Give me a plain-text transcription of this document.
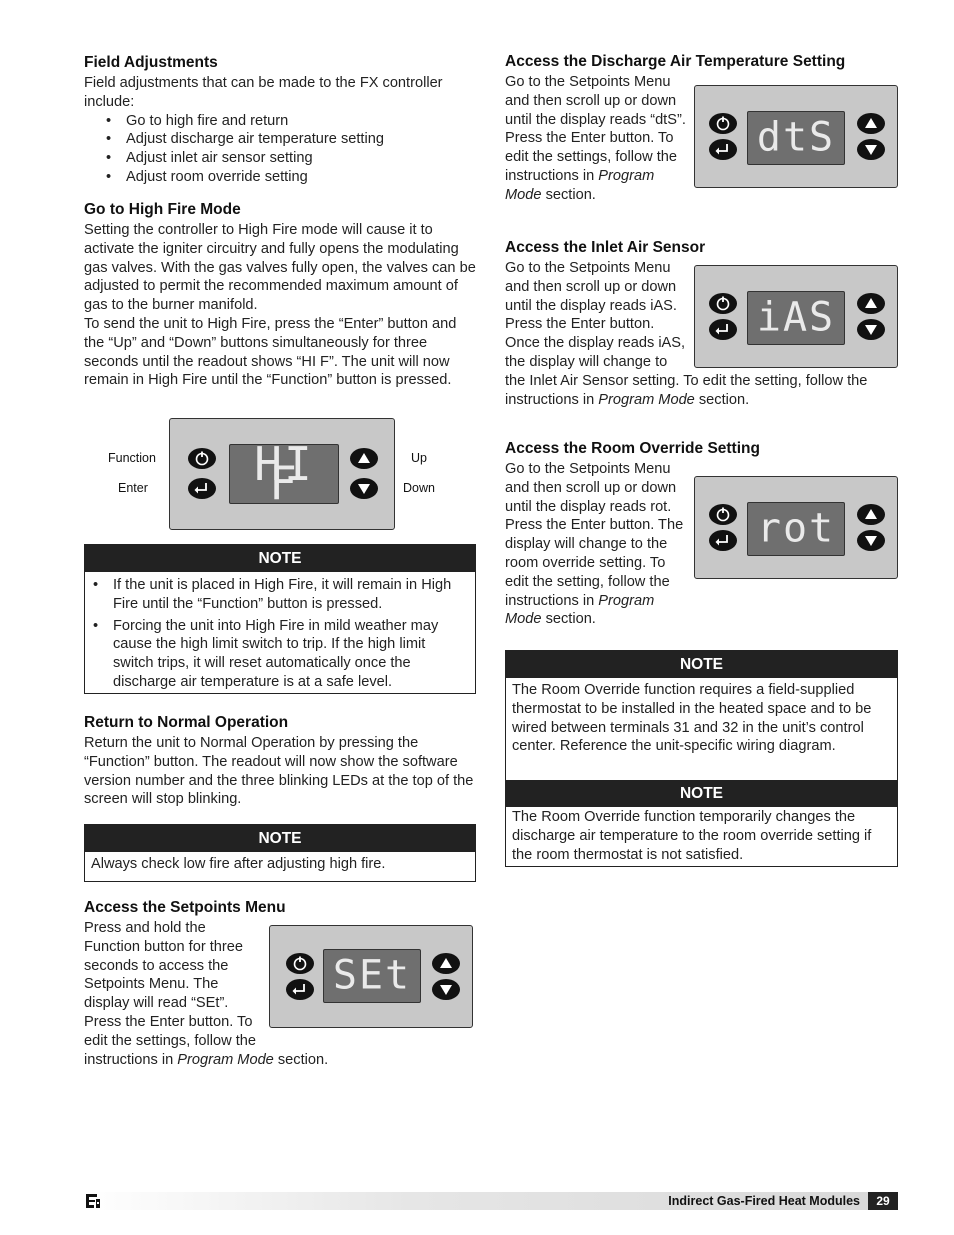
Field Adjustments

Field adjustments that can be made to the FX controller include:

• Go to high fire and return
• Adjust discharge air temperature setting
• Adjust inlet air sensor setting
• Adjust room override setting
Go to High Fire Mode

Setting the controller to High Fire mode will cause it to activate the igniter circuitry and fully opens the modulating gas valves. With the gas valves fully open, the valves can be adjusted to permit the recommended maximum amount of gas to the burner manifold.

To send the unit to High Fire, press the “Enter” button and the “Up” and “Down” buttons simultaneously for three seconds until the readout shows “HI F”. The unit will now remain in High Fire until the “Function” button is pressed.

HI F
Function
Enter
Up
Down
NOTE
• If the unit is placed in High Fire, it will remain in High Fire until the “Function” button is pressed.
• Forcing the unit into High Fire in mild weather may cause the high limit switch to trip. If the high limit switch trips, it will reset automatically once the discharge air temperature is at a safe level.
Return to Normal Operation

Return the unit to Normal Operation by pressing the “Function” button. The readout will now show the software version number and the three blinking LEDs at the top of the screen will stop blinking.

NOTE
Always check low fire after adjusting high fire.
Access the Setpoints Menu

Press and hold the Function button for three seconds to access the Setpoints Menu. The display will read “SEt”. Press the Enter button. To edit the settings, follow the instructions in Program Mode section.

SEt
Access the Discharge Air Temperature Setting

Go to the Setpoints Menu and then scroll up or down until the display reads “dtS”. Press the Enter button. To edit the settings, follow the instructions in Program Mode section.

dtS
Access the Inlet Air Sensor

Go to the Setpoints Menu and then scroll up or down until the display reads iAS. Press the Enter button. Once the display reads iAS, the display will change to the Inlet Air Sensor setting. To edit the setting, follow the instructions in Program Mode section.

iAS
Access the Room Override Setting

Go to the Setpoints Menu and then scroll up or down until the display reads rot. Press the Enter button. The display will change to the room override setting. To edit the setting, follow the instructions in Program Mode section.

rot
NOTE
The Room Override function requires a field-supplied thermostat to be installed in the heated space and to be wired between terminals 31 and 32 in the unit’s control center. Reference the unit-specific wiring diagram.
NOTE
The Room Override function temporarily changes the discharge air temperature to the room override setting if the room thermostat is not satisfied.
Indirect Gas-Fired Heat Modules	29
